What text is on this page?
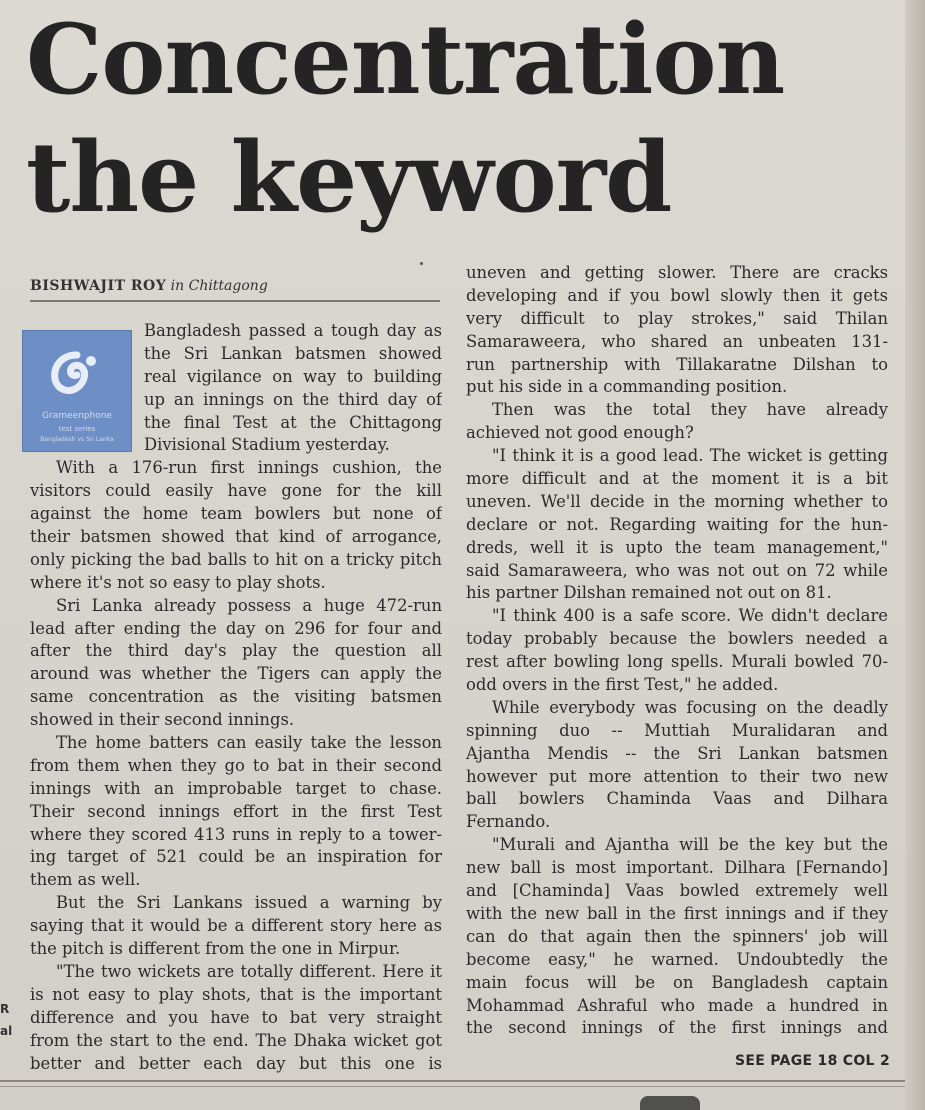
Concentration
the keyword
BISHWAJIT ROY in Chittagong
Grameenphone
test series
Bangladesh vs Sri Lanka
Bangladesh passed a tough day as
the Sri Lankan batsmen showed
real vigilance on way to building
up an innings on the third day of
the final Test at the Chittagong
Divisional Stadium yesterday.
With a 176-run first innings cushion, the
visitors could easily have gone for the kill
against the home team bowlers but none of
their batsmen showed that kind of arrogance,
only picking the bad balls to hit on a tricky pitch
where it's not so easy to play shots.
Sri Lanka already possess a huge 472-run
lead after ending the day on 296 for four and
after the third day's play the question all
around was whether the Tigers can apply the
same concentration as the visiting batsmen
showed in their second innings.
The home batters can easily take the lesson
from them when they go to bat in their second
innings with an improbable target to chase.
Their second innings effort in the first Test
where they scored 413 runs in reply to a tower-
ing target of 521 could be an inspiration for
them as well.
But the Sri Lankans issued a warning by
saying that it would be a different story here as
the pitch is different from the one in Mirpur.
"The two wickets are totally different. Here it
is not easy to play shots, that is the important
difference and you have to bat very straight
from the start to the end. The Dhaka wicket got
better and better each day but this one is
uneven and getting slower. There are cracks
developing and if you bowl slowly then it gets
very difficult to play strokes," said Thilan
Samaraweera, who shared an unbeaten 131-
run partnership with Tillakaratne Dilshan to
put his side in a commanding position.
Then was the total they have already
achieved not good enough?
"I think it is a good lead. The wicket is getting
more difficult and at the moment it is a bit
uneven. We'll decide in the morning whether to
declare or not. Regarding waiting for the hun-
dreds, well it is upto the team management,"
said Samaraweera, who was not out on 72 while
his partner Dilshan remained not out on 81.
"I think 400 is a safe score. We didn't declare
today probably because the bowlers needed a
rest after bowling long spells. Murali bowled 70-
odd overs in the first Test," he added.
While everybody was focusing on the deadly
spinning duo -- Muttiah Muralidaran and
Ajantha Mendis -- the Sri Lankan batsmen
however put more attention to their two new
ball bowlers Chaminda Vaas and Dilhara
Fernando.
"Murali and Ajantha will be the key but the
new ball is most important. Dilhara [Fernando]
and [Chaminda] Vaas bowled extremely well
with the new ball in the first innings and if they
can do that again then the spinners' job will
become easy," he warned. Undoubtedly the
main focus will be on Bangladesh captain
Mohammad Ashraful who made a hundred in
the second innings of the first innings and
SEE PAGE 18 COL 2
R
al
